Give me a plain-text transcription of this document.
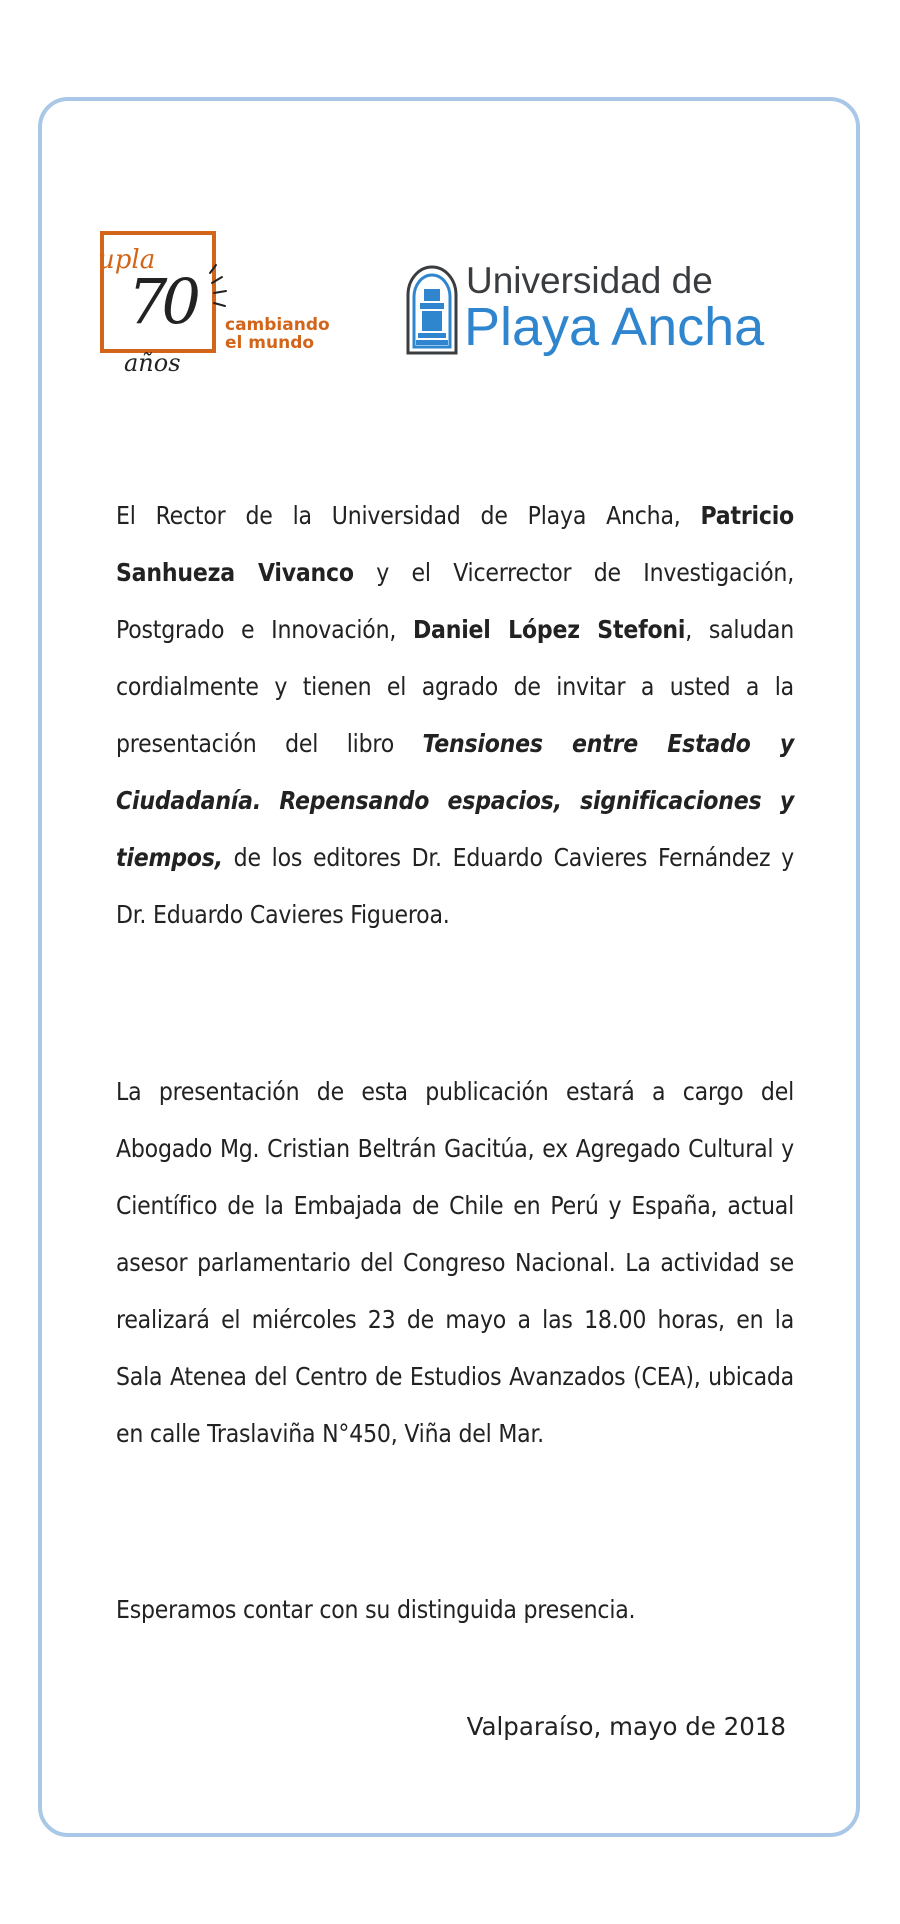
upla
70
años
cambiando
el mundo
Universidad de
Playa Ancha
El Rector de la Universidad de Playa Ancha, Patricio Sanhueza Vivanco y el Vicerrector de Investigación, Postgrado e Innovación, Daniel López Stefoni, saludan cordialmente y tienen el agrado de invitar a usted a la presentación del libro Tensiones entre Estado y Ciudadanía. Repensando espacios, significaciones y tiempos, de los editores Dr. Eduardo Cavieres Fernández y Dr. Eduardo Cavieres Figueroa.
La presentación de esta publicación estará a cargo del Abogado Mg. Cristian Beltrán Gacitúa, ex Agregado Cultural y Científico de la Embajada de Chile en Perú y España, actual asesor parlamentario del Congreso Nacional. La actividad se realizará el miércoles 23 de mayo a las 18.00 horas, en la Sala Atenea del Centro de Estudios Avanzados (CEA), ubicada en calle Traslaviña N°450, Viña del Mar.
Esperamos contar con su distinguida presencia.
Valparaíso, mayo de 2018
